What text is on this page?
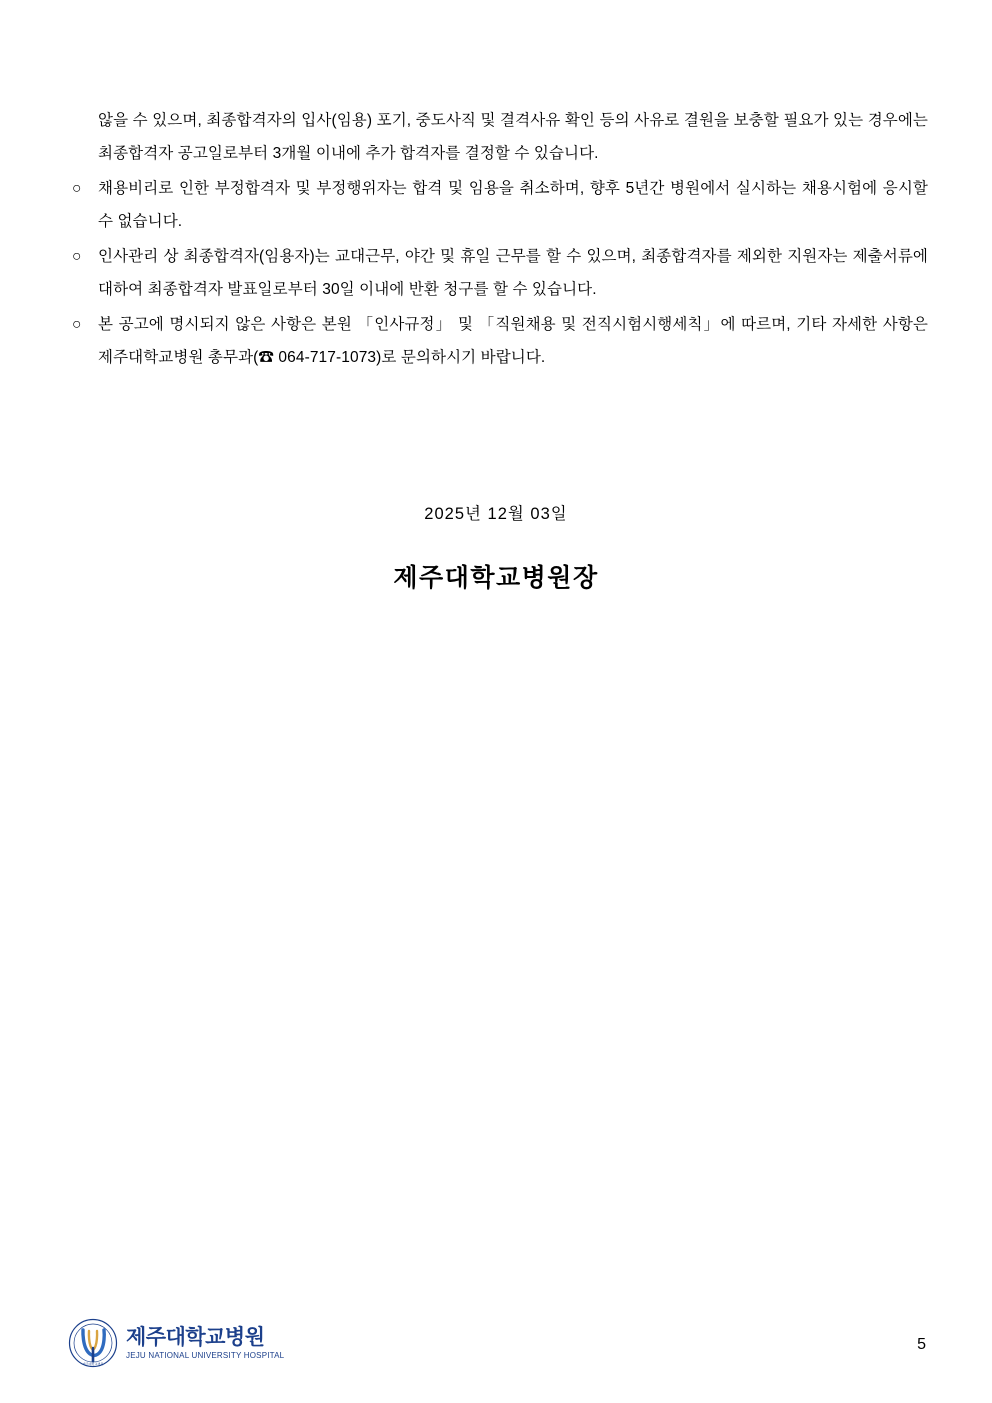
않을 수 있으며, 최종합격자의 입사(임용) 포기, 중도사직 및 결격사유 확인 등의 사유로 결원을 보충할 필요가 있는 경우에는 최종합격자 공고일로부터 3개월 이내에 추가 합격자를 결정할 수 있습니다.
○	채용비리로 인한 부정합격자 및 부정행위자는 합격 및 임용을 취소하며, 향후 5년간 병원에서 실시하는 채용시험에 응시할 수 없습니다.
○	인사관리 상 최종합격자(임용자)는 교대근무, 야간 및 휴일 근무를 할 수 있으며, 최종합격자를 제외한 지원자는 제출서류에 대하여 최종합격자 발표일로부터 30일 이내에 반환 청구를 할 수 있습니다.
○	본 공고에 명시되지 않은 사항은 본원 「인사규정」 및 「직원채용 및 전직시험시행세칙」에 따르며, 기타 자세한 사항은 제주대학교병원 총무과(☎ 064-717-1073)로 문의하시기 바랍니다.
2025년 12월 03일
제주대학교병원장
제주대학교병원
제주대학교병원
JEJU NATIONAL UNIVERSITY HOSPITAL
5
